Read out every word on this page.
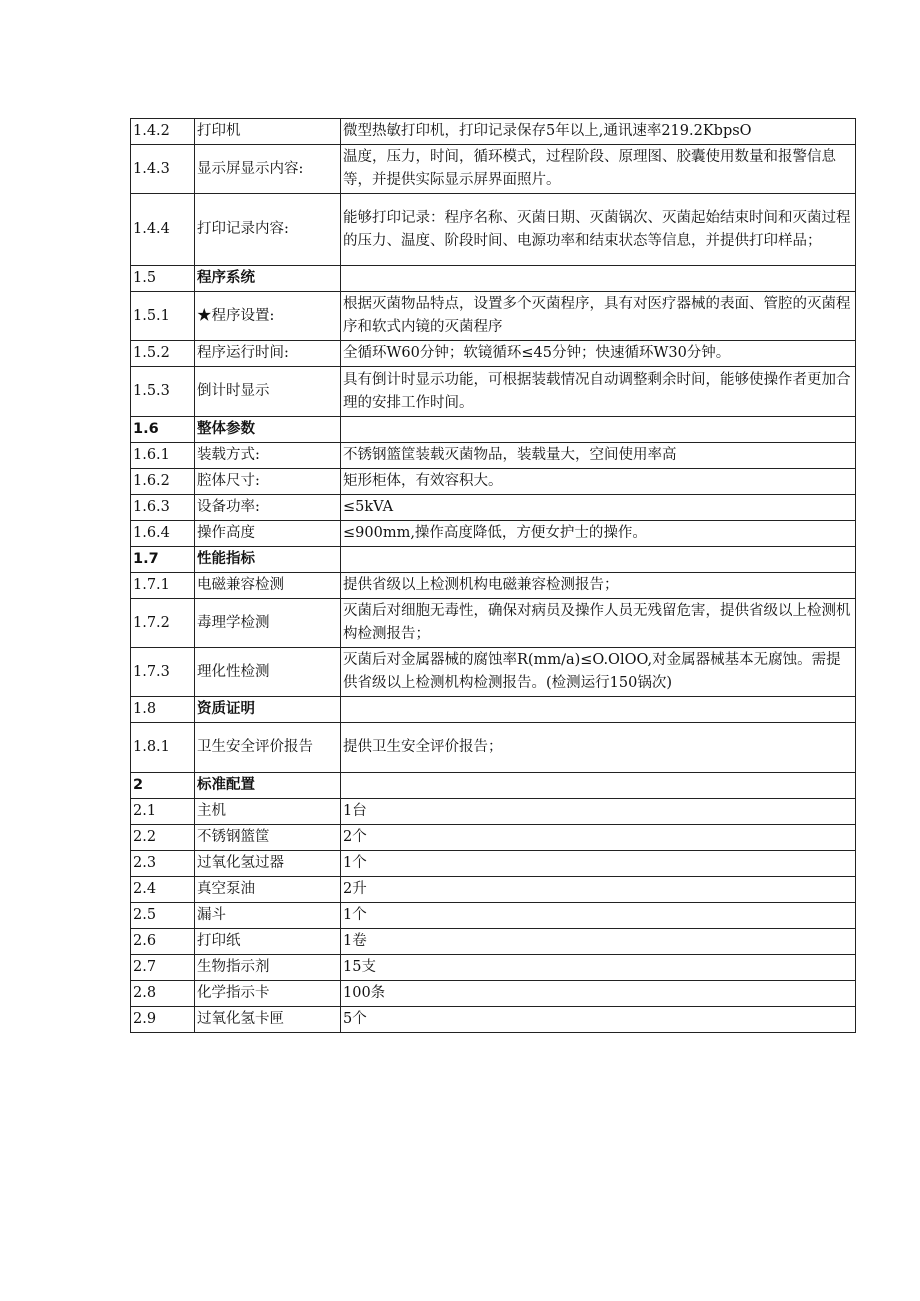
1.4.2	打印机	微型热敏打印机，打印记录保存5年以上,通讯速率219.2KbpsO
1.4.3	显示屏显示内容:	温度，压力，时间，循环模式，过程阶段、原理图、胶囊使用数量和报警信息等，并提供实际显示屏界面照片。
1.4.4	打印记录内容:	能够打印记录：程序名称、灭菌日期、灭菌锅次、灭菌起始结束时间和灭菌过程的压力、温度、阶段时间、电源功率和结束状态等信息，并提供打印样品；
1.5	程序系统	
1.5.1	★程序设置:	根据灭菌物品特点，设置多个灭菌程序，具有对医疗器械的表面、管腔的灭菌程序和软式内镜的灭菌程序
1.5.2	程序运行时间:	全循环W60分钟；软镜循环≤45分钟；快速循环W30分钟。
1.5.3	倒计时显示	具有倒计时显示功能，可根据装载情况自动调整剩余时间，能够使操作者更加合理的安排工作时间。
1.6	整体参数	
1.6.1	装载方式:	不锈钢篮筐装载灭菌物品，装载量大，空间使用率高
1.6.2	腔体尺寸:	矩形柜体，有效容积大。
1.6.3	设备功率:	≤5kVA
1.6.4	操作高度	≤900mm,操作高度降低，方便女护士的操作。
1.7	性能指标	
1.7.1	电磁兼容检测	提供省级以上检测机构电磁兼容检测报告；
1.7.2	毒理学检测	灭菌后对细胞无毒性，确保对病员及操作人员无残留危害，提供省级以上检测机构检测报告；
1.7.3	理化性检测	灭菌后对金属器械的腐蚀率R(mm∕a)≤O.OlOO,对金属器械基本无腐蚀。需提供省级以上检测机构检测报告。(检测运行150锅次)
1.8	资质证明	
1.8.1	卫生安全评价报告	提供卫生安全评价报告；
2	标准配置	
2.1	主机	1台
2.2	不锈钢篮筐	2个
2.3	过氧化氢过器	1个
2.4	真空泵油	2升
2.5	漏斗	1个
2.6	打印纸	1卷
2.7	生物指示剂	15支
2.8	化学指示卡	100条
2.9	过氧化氢卡匣	5个
